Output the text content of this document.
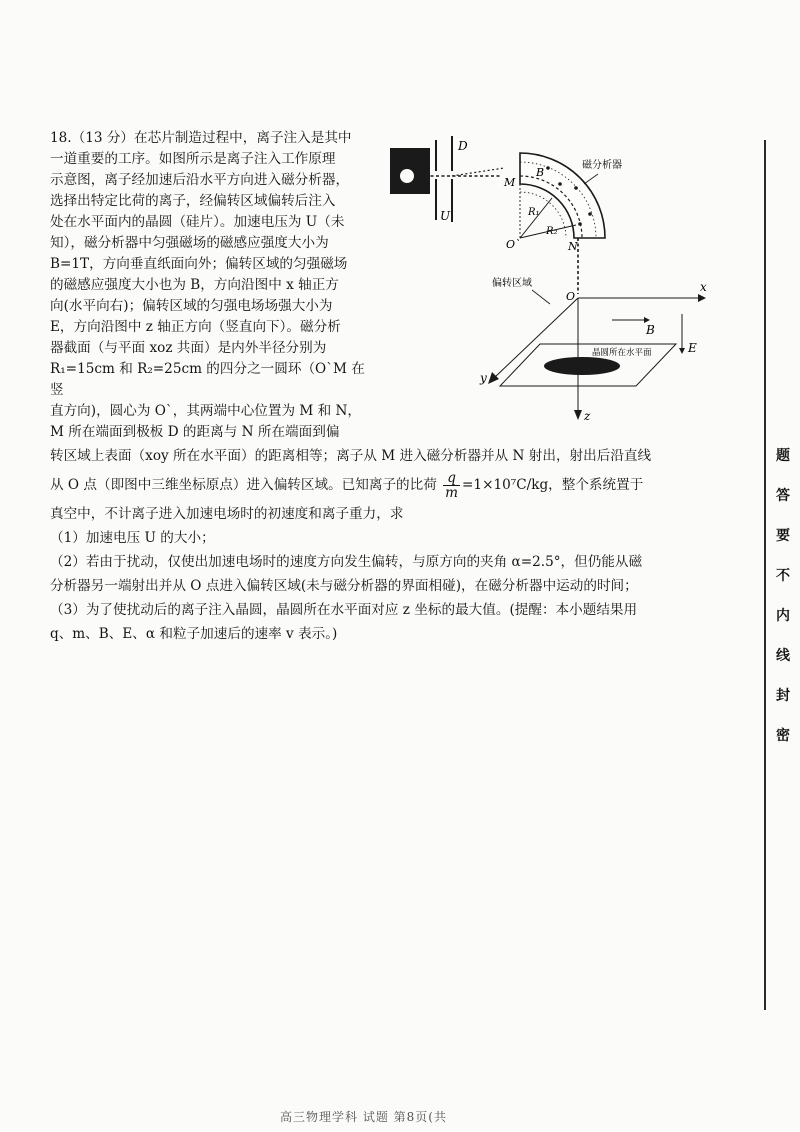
18.（13 分）在芯片制造过程中，离子注入是其中

一道重要的工序。如图所示是离子注入工作原理

示意图，离子经加速后沿水平方向进入磁分析器，

选择出特定比荷的离子，经偏转区域偏转后注入

处在水平面内的晶圆（硅片）。加速电压为 U（未

知），磁分析器中匀强磁场的磁感应强度大小为

B=1T，方向垂直纸面向外；偏转区域的匀强磁场

的磁感应强度大小也为 B，方向沿图中 x 轴正方

向(水平向右)；偏转区域的匀强电场场强大小为

E，方向沿图中 z 轴正方向（竖直向下）。磁分析

器截面（与平面 xoz 共面）是内外半径分别为

R₁=15cm 和 R₂=25cm 的四分之一圆环（O`M 在竖

直方向)，圆心为 O`，其两端中心位置为 M 和 N，

M 所在端面到极板 D 的距离与 N 所在端面到偏

D
U	R₁
R₂
O`
M
N
B
磁分析器
O
x
z
y
偏转区域
晶圆所在水平面
B
E

转区域上表面（xoy 所在水平面）的距离相等；离子从 M 进入磁分析器并从 N 射出，射出后沿直线

从 O 点（即图中三维坐标原点）进入偏转区域。已知离子的比荷 $\frac{q}{m} =1\times 10^7C/kg$，整个系统置于

真空中，不计离子进入加速电场时的初速度和离子重力，求

（1）加速电压 U 的大小；

（2）若由于扰动，仅使出加速电场时的速度方向发生偏转，与原方向的夹角 α=2.5°，但仍能从磁

分析器另一端射出并从 O 点进入偏转区域(未与磁分析器的界面相碰)，在磁分析器中运动的时间；

（3）为了使扰动后的离子注入晶圆，晶圆所在水平面对应 z 坐标的最大值。(提醒：本小题结果用

q、m、B、E、α 和粒子加速后的速率 v 表示。)

题
答
要
不
内
线
封
密
高三物理学科 试题 第8页(共
